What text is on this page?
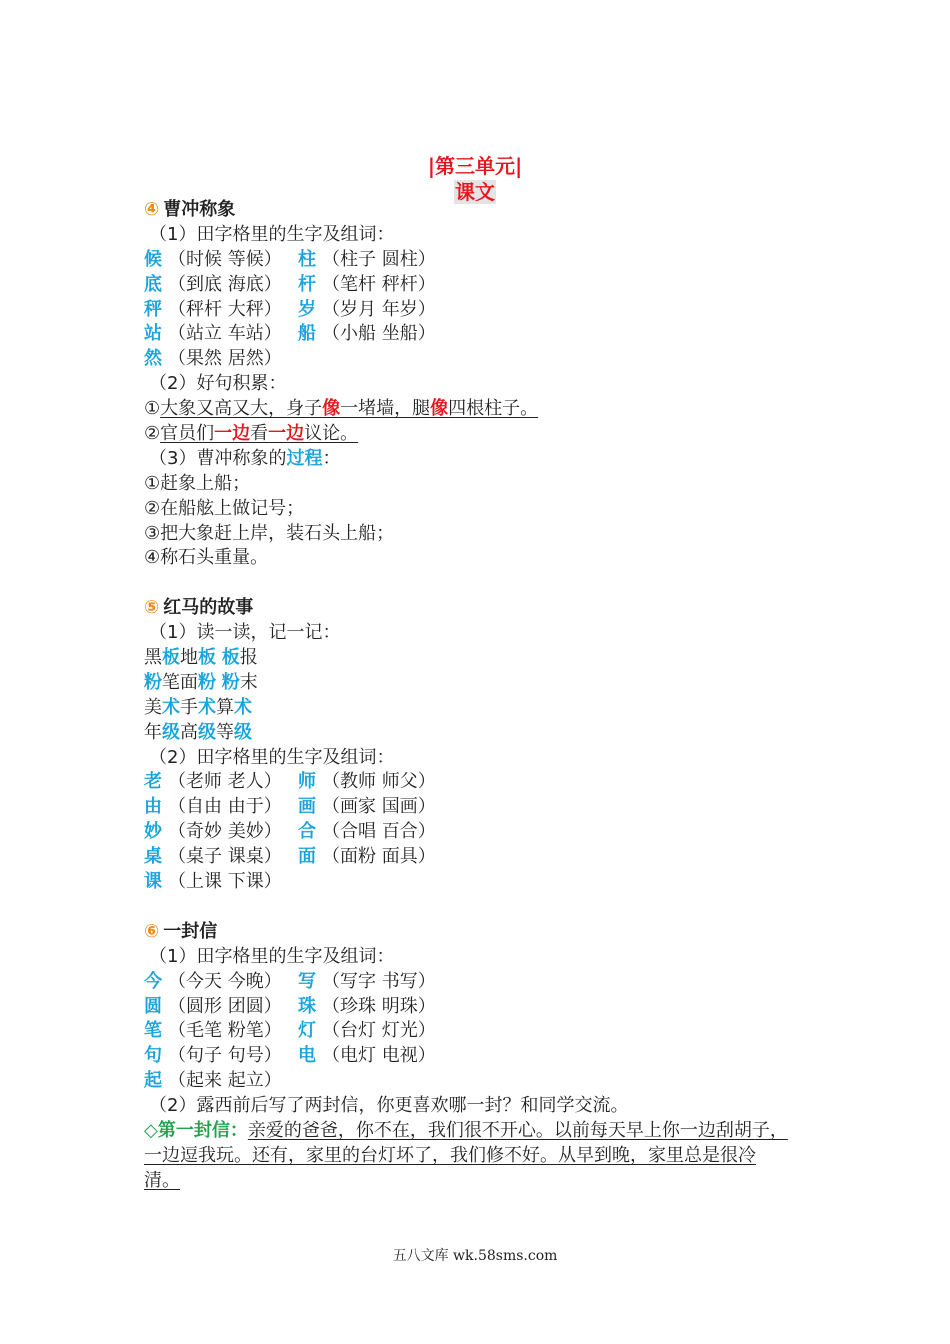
|第三单元|
课文
④ 曹冲称象
（1）田字格里的生字及组词：
候 （时候 等候） 柱 （柱子 圆柱）
底 （到底 海底） 杆 （笔杆 秤杆）
秤 （秤杆 大秤） 岁 （岁月 年岁）
站 （站立 车站） 船 （小船 坐船）
然 （果然 居然）
（2）好句积累：
①大象又高又大，身子像一堵墙，腿像四根柱子。
②官员们一边看一边议论。
（3）曹冲称象的过程：
①赶象上船；
②在船舷上做记号；
③把大象赶上岸，装石头上船；
④称石头重量。
⑤ 红马的故事
（1）读一读，记一记：
黑板地板 板报
粉笔面粉 粉末
美术手术算术
年级高级等级
（2）田字格里的生字及组词：
老 （老师 老人） 师 （教师 师父）
由 （自由 由于） 画 （画家 国画）
妙 （奇妙 美妙） 合 （合唱 百合）
桌 （桌子 课桌） 面 （面粉 面具）
课 （上课 下课）
⑥ 一封信
（1）田字格里的生字及组词：
今 （今天 今晚） 写 （写字 书写）
圆 （圆形 团圆） 珠 （珍珠 明珠）
笔 （毛笔 粉笔） 灯 （台灯 灯光）
句 （句子 句号） 电 （电灯 电视）
起 （起来 起立）
（2）露西前后写了两封信，你更喜欢哪一封？和同学交流。
◇第一封信：亲爱的爸爸，你不在，我们很不开心。以前每天早上你一边刮胡子，
一边逗我玩。还有，家里的台灯坏了，我们修不好。从早到晚，家里总是很冷
清。
五八文库 wk.58sms.com
